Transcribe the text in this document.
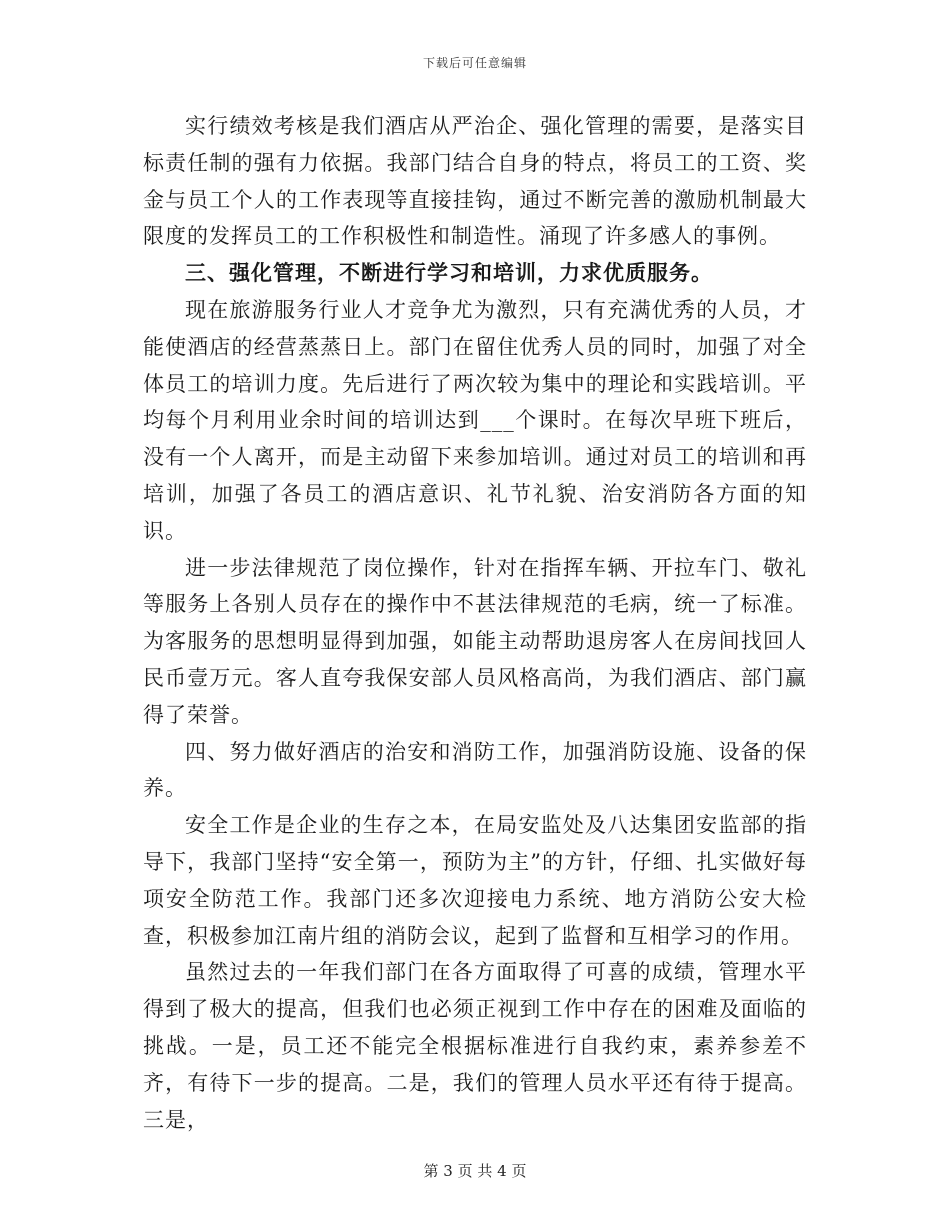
下载后可任意编辑

实行绩效考核是我们酒店从严治企、强化管理的需要，是落实目标责任制的强有力依据。我部门结合自身的特点，将员工的工资、奖金与员工个人的工作表现等直接挂钩，通过不断完善的激励机制最大限度的发挥员工的工作积极性和制造性。涌现了许多感人的事例。

三、强化管理，不断进行学习和培训，力求优质服务。

现在旅游服务行业人才竞争尤为激烈，只有充满优秀的人员，才能使酒店的经营蒸蒸日上。部门在留住优秀人员的同时，加强了对全体员工的培训力度。先后进行了两次较为集中的理论和实践培训。平均每个月利用业余时间的培训达到___个课时。在每次早班下班后，没有一个人离开，而是主动留下来参加培训。通过对员工的培训和再培训，加强了各员工的酒店意识、礼节礼貌、治安消防各方面的知识。

进一步法律规范了岗位操作，针对在指挥车辆、开拉车门、敬礼等服务上各别人员存在的操作中不甚法律规范的毛病，统一了标准。为客服务的思想明显得到加强，如能主动帮助退房客人在房间找回人民币壹万元。客人直夸我保安部人员风格高尚，为我们酒店、部门赢得了荣誉。

四、努力做好酒店的治安和消防工作，加强消防设施、设备的保养。

安全工作是企业的生存之本，在局安监处及八达集团安监部的指导下，我部门坚持“安全第一，预防为主”的方针，仔细、扎实做好每项安全防范工作。我部门还多次迎接电力系统、地方消防公安大检查，积极参加江南片组的消防会议，起到了监督和互相学习的作用。

虽然过去的一年我们部门在各方面取得了可喜的成绩，管理水平得到了极大的提高，但我们也必须正视到工作中存在的困难及面临的挑战。一是，员工还不能完全根据标准进行自我约束，素养参差不齐，有待下一步的提高。二是，我们的管理人员水平还有待于提高。三是，

第 3 页 共 4 页
